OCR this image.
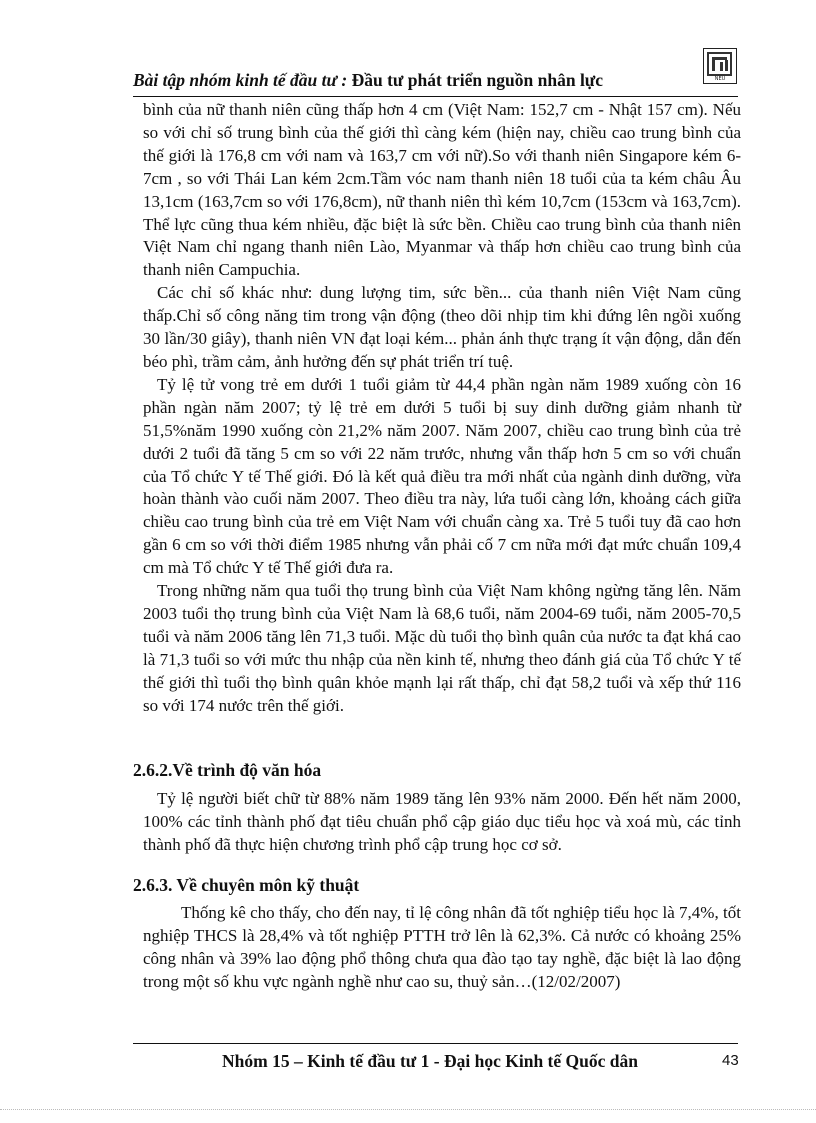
Bài tập nhóm kinh tế đầu tư : Đầu tư phát triển nguồn nhân lực	NEU

bình của nữ thanh niên cũng thấp hơn 4 cm (Việt Nam: 152,7 cm - Nhật 157 cm). Nếu so với chỉ số trung bình của thế giới thì càng kém (hiện nay, chiều cao trung bình của thế giới là 176,8 cm với nam và 163,7 cm với nữ).So với thanh niên Singapore kém 6-7cm , so với Thái Lan kém 2cm.Tầm vóc nam thanh niên 18 tuổi của ta kém châu Âu 13,1cm (163,7cm so với 176,8cm), nữ thanh niên thì kém 10,7cm (153cm và 163,7cm). Thể lực cũng thua kém nhiều, đặc biệt là sức bền. Chiều cao trung bình của thanh niên Việt Nam chỉ ngang thanh niên Lào, Myanmar và thấp hơn chiều cao trung bình của thanh niên Campuchia.

Các chỉ số khác như: dung lượng tim, sức bền... của thanh niên Việt Nam cũng thấp.Chỉ số công năng tim trong vận động (theo dõi nhịp tim khi đứng lên ngồi xuống 30 lần/30 giây), thanh niên VN đạt loại kém... phản ánh thực trạng ít vận động, dẫn đến béo phì, trầm cảm, ảnh hưởng đến sự phát triển trí tuệ.

Tỷ lệ tử vong trẻ em dưới 1 tuổi giảm từ 44,4 phần ngàn năm 1989 xuống còn 16 phần ngàn năm 2007; tỷ lệ trẻ em dưới 5 tuổi bị suy dinh dưỡng giảm nhanh từ 51,5%năm 1990 xuống còn 21,2% năm 2007. Năm 2007, chiều cao trung bình của trẻ dưới 2 tuổi đã tăng 5 cm so với 22 năm trước, nhưng vẫn thấp hơn 5 cm so với chuẩn của Tổ chức Y tế Thế giới. Đó là kết quả điều tra mới nhất của ngành dinh dưỡng, vừa hoàn thành vào cuối năm 2007. Theo điều tra này, lứa tuổi càng lớn, khoảng cách giữa chiều cao trung bình của trẻ em Việt Nam với chuẩn càng xa. Trẻ 5 tuổi tuy đã cao hơn gần 6 cm so với thời điểm 1985 nhưng vẫn phải cố 7 cm nữa mới đạt mức chuẩn 109,4 cm mà Tổ chức Y tế Thế giới đưa ra.

Trong những năm qua tuổi thọ trung bình của Việt Nam không ngừng tăng lên. Năm 2003 tuổi thọ trung bình của Việt Nam là 68,6 tuổi, năm 2004-69 tuổi, năm 2005-70,5 tuổi và năm 2006 tăng lên 71,3 tuổi. Mặc dù tuổi thọ bình quân của nước ta đạt khá cao là 71,3 tuổi so với mức thu nhập của nền kinh tế, nhưng theo đánh giá của Tổ chức Y tế thế giới thì tuổi thọ bình quân khỏe mạnh lại rất thấp, chỉ đạt 58,2 tuổi và xếp thứ 116 so với 174 nước trên thế giới.

2.6.2.Về trình độ văn hóa

Tỷ lệ người biết chữ từ 88% năm 1989 tăng lên 93% năm 2000. Đến hết năm 2000, 100% các tỉnh thành phố đạt tiêu chuẩn phổ cập giáo dục tiểu học và xoá mù, các tỉnh thành phố đã thực hiện chương trình phổ cập trung học cơ sở.

2.6.3. Về chuyên môn kỹ thuật

Thống kê cho thấy, cho đến nay, tỉ lệ công nhân đã tốt nghiệp tiểu học là 7,4%, tốt nghiệp THCS là 28,4% và tốt nghiệp PTTH trở lên là 62,3%. Cả nước có khoảng 25% công nhân và 39% lao động phổ thông chưa qua đào tạo tay nghề, đặc biệt là lao động trong một số khu vực ngành nghề như cao su, thuỷ sản…(12/02/2007)

Nhóm 15 – Kinh tế đầu tư 1 - Đại học Kinh tế Quốc dân	43
